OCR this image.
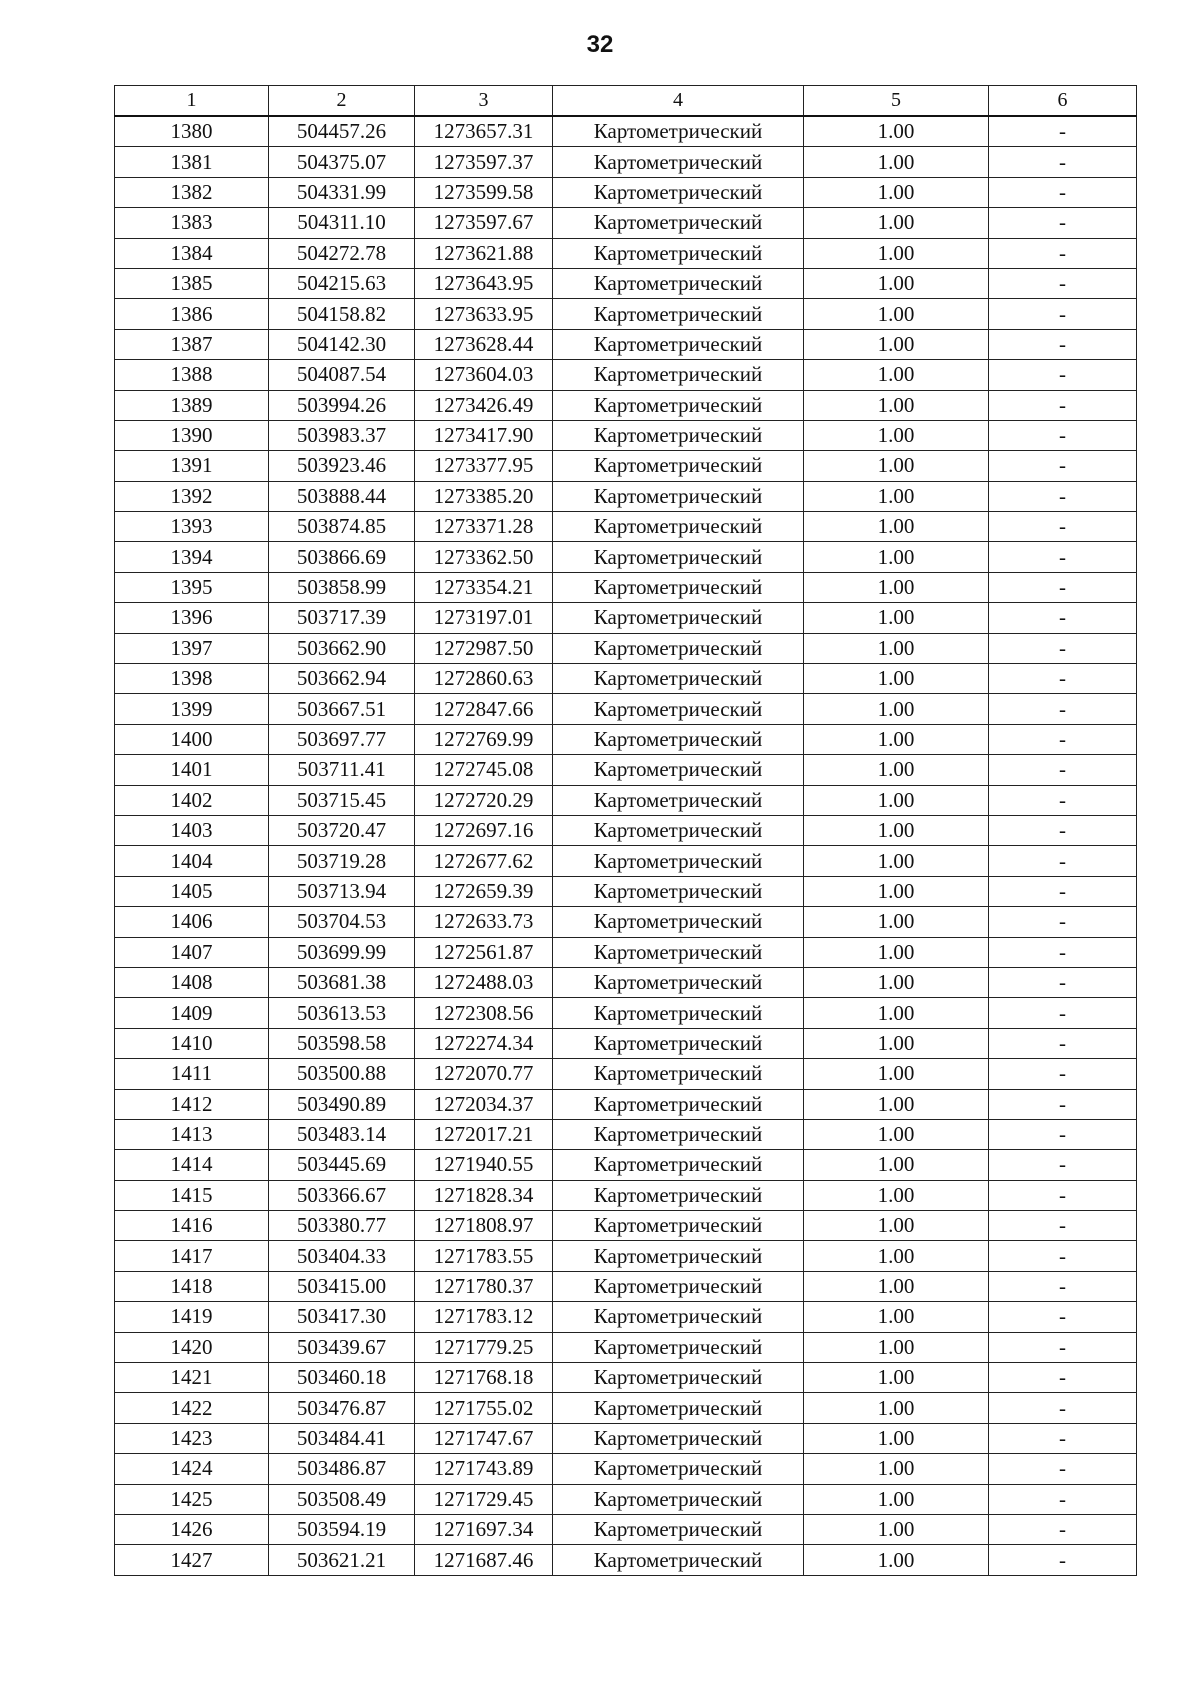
32
1	2	3	4	5	6
1380	504457.26	1273657.31	Картометрический	1.00	-
1381	504375.07	1273597.37	Картометрический	1.00	-
1382	504331.99	1273599.58	Картометрический	1.00	-
1383	504311.10	1273597.67	Картометрический	1.00	-
1384	504272.78	1273621.88	Картометрический	1.00	-
1385	504215.63	1273643.95	Картометрический	1.00	-
1386	504158.82	1273633.95	Картометрический	1.00	-
1387	504142.30	1273628.44	Картометрический	1.00	-
1388	504087.54	1273604.03	Картометрический	1.00	-
1389	503994.26	1273426.49	Картометрический	1.00	-
1390	503983.37	1273417.90	Картометрический	1.00	-
1391	503923.46	1273377.95	Картометрический	1.00	-
1392	503888.44	1273385.20	Картометрический	1.00	-
1393	503874.85	1273371.28	Картометрический	1.00	-
1394	503866.69	1273362.50	Картометрический	1.00	-
1395	503858.99	1273354.21	Картометрический	1.00	-
1396	503717.39	1273197.01	Картометрический	1.00	-
1397	503662.90	1272987.50	Картометрический	1.00	-
1398	503662.94	1272860.63	Картометрический	1.00	-
1399	503667.51	1272847.66	Картометрический	1.00	-
1400	503697.77	1272769.99	Картометрический	1.00	-
1401	503711.41	1272745.08	Картометрический	1.00	-
1402	503715.45	1272720.29	Картометрический	1.00	-
1403	503720.47	1272697.16	Картометрический	1.00	-
1404	503719.28	1272677.62	Картометрический	1.00	-
1405	503713.94	1272659.39	Картометрический	1.00	-
1406	503704.53	1272633.73	Картометрический	1.00	-
1407	503699.99	1272561.87	Картометрический	1.00	-
1408	503681.38	1272488.03	Картометрический	1.00	-
1409	503613.53	1272308.56	Картометрический	1.00	-
1410	503598.58	1272274.34	Картометрический	1.00	-
1411	503500.88	1272070.77	Картометрический	1.00	-
1412	503490.89	1272034.37	Картометрический	1.00	-
1413	503483.14	1272017.21	Картометрический	1.00	-
1414	503445.69	1271940.55	Картометрический	1.00	-
1415	503366.67	1271828.34	Картометрический	1.00	-
1416	503380.77	1271808.97	Картометрический	1.00	-
1417	503404.33	1271783.55	Картометрический	1.00	-
1418	503415.00	1271780.37	Картометрический	1.00	-
1419	503417.30	1271783.12	Картометрический	1.00	-
1420	503439.67	1271779.25	Картометрический	1.00	-
1421	503460.18	1271768.18	Картометрический	1.00	-
1422	503476.87	1271755.02	Картометрический	1.00	-
1423	503484.41	1271747.67	Картометрический	1.00	-
1424	503486.87	1271743.89	Картометрический	1.00	-
1425	503508.49	1271729.45	Картометрический	1.00	-
1426	503594.19	1271697.34	Картометрический	1.00	-
1427	503621.21	1271687.46	Картометрический	1.00	-
